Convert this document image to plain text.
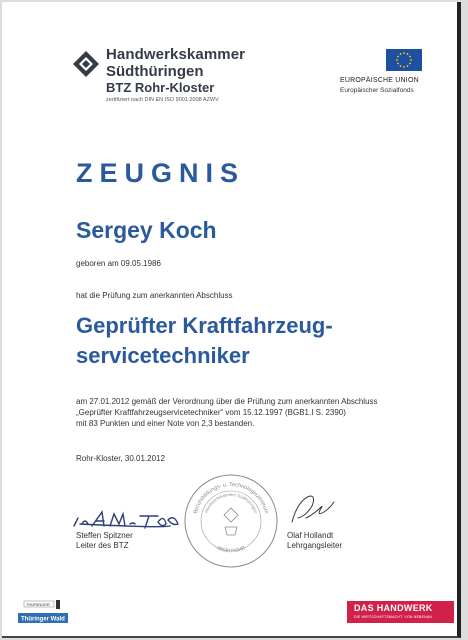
Handwerkskammer
Südthüringen
BTZ Rohr-Kloster
zertifiziert nach DIN EN ISO 9001:2008 AZWV
EUROPÄISCHE UNION
Europäischer Sozialfonds
ZEUGNIS
Sergey Koch
geboren am 09.05.1986
hat die Prüfung zum anerkannten Abschluss
Geprüfter Kraftfahrzeug-
servicetechniker
am 27.01.2012 gemäß der Verordnung über die Prüfung zum anerkannten Abschluss
„Geprüfter Kraftfahrzeugservicetechniker“ vom 15.12.1997 (BGB1.I S. 2390)
mit 83 Punkten und einer Note von 2,3 bestanden.
Rohr-Kloster, 30.01.2012
Steffen Spitzner
Leiter des BTZ
Berufsbildungs- u. Technologiezentrum
Handwerkskammer Südthüringen
98530 ROHR
Olaf Hollandt
Lehrgangsleiter
THÜRINGER
Thüringer Wald
DAS HANDWERK
DIE WIRTSCHAFTSMACHT. VON NEBENAN.
